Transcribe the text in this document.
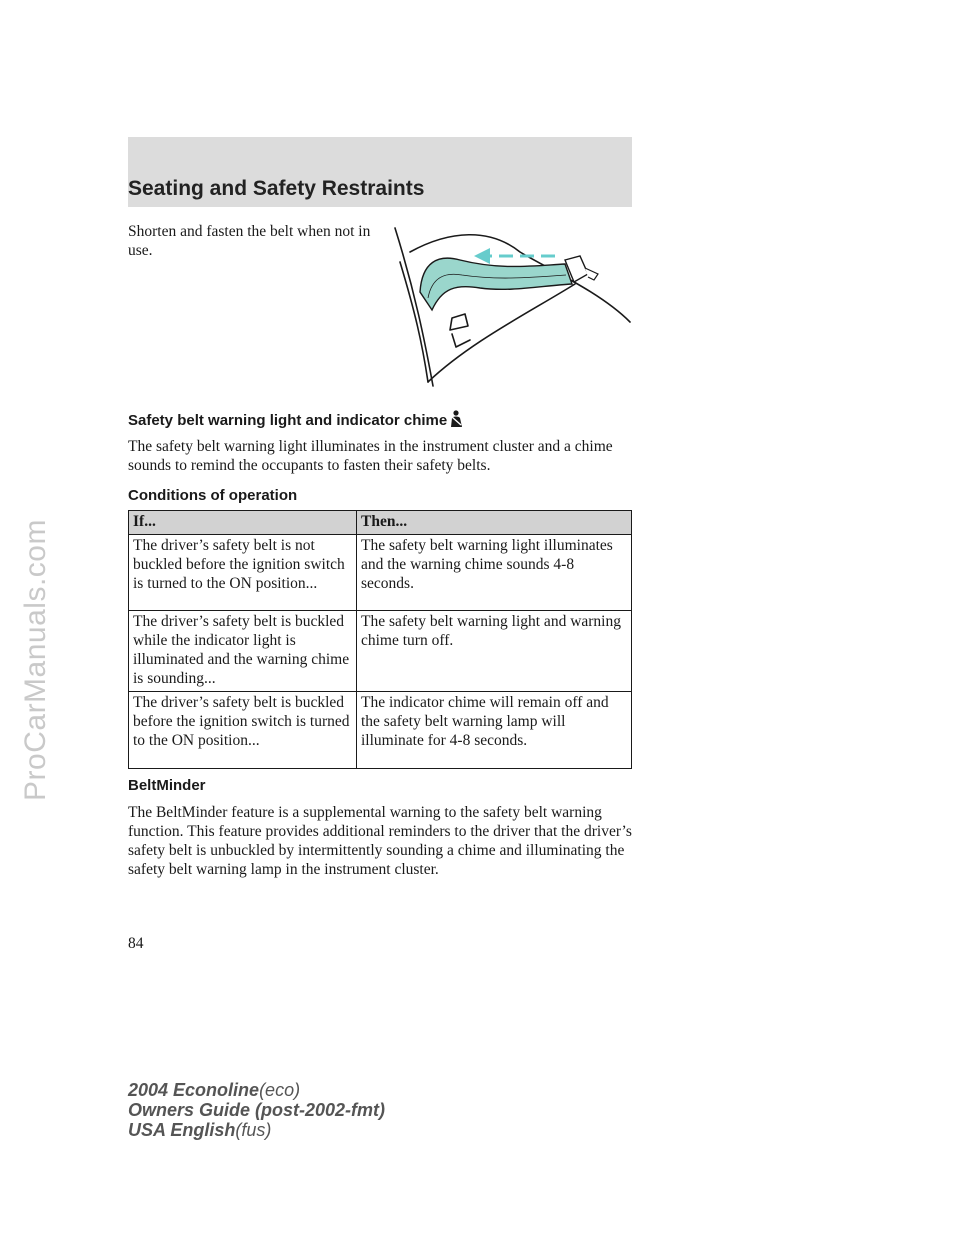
ProCarManuals.com
Seating and Safety Restraints

Shorten and fasten the belt when not in use.

Safety belt warning light and indicator chime

The safety belt warning light illuminates in the instrument cluster and a chime sounds to remind the occupants to fasten their safety belts.

Conditions of operation
If...	Then...
The driver’s safety belt is not buckled before the ignition switch is turned to the ON position...	The safety belt warning light illuminates and the warning chime sounds 4-8 seconds.
The driver’s safety belt is buckled while the indicator light is illuminated and the warning chime is sounding...	The safety belt warning light and warning chime turn off.
The driver’s safety belt is buckled before the ignition switch is turned to the ON position...	The indicator chime will remain off and the safety belt warning lamp will illuminate for 4-8 seconds.
BeltMinder

The BeltMinder feature is a supplemental warning to the safety belt warning function. This feature provides additional reminders to the driver that the driver’s safety belt is unbuckled by intermittently sounding a chime and illuminating the safety belt warning lamp in the instrument cluster.

84

2004 Econoline(eco)
Owners Guide (post-2002-fmt)
USA English(fus)
